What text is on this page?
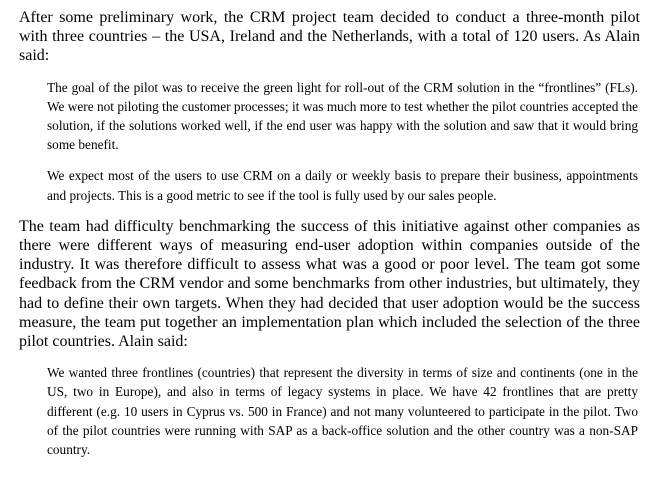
After some preliminary work, the CRM project team decided to conduct a three-month pilot with three countries – the USA, Ireland and the Netherlands, with a total of 120 users. As Alain said:

The goal of the pilot was to receive the green light for roll-out of the CRM solution in the “frontlines” (FLs). We were not piloting the customer processes; it was much more to test whether the pilot countries accepted the solution, if the solutions worked well, if the end user was happy with the solution and saw that it would bring some benefit.

We expect most of the users to use CRM on a daily or weekly basis to prepare their business, appointments and projects. This is a good metric to see if the tool is fully used by our sales people.

The team had difficulty benchmarking the success of this initiative against other companies as there were different ways of measuring end-user adoption within companies outside of the industry. It was therefore difficult to assess what was a good or poor level. The team got some feedback from the CRM vendor and some benchmarks from other industries, but ultimately, they had to define their own targets. When they had decided that user adoption would be the success measure, the team put together an implementation plan which included the selection of the three pilot countries. Alain said:

We wanted three frontlines (countries) that represent the diversity in terms of size and continents (one in the US, two in Europe), and also in terms of legacy systems in place. We have 42 frontlines that are pretty different (e.g. 10 users in Cyprus vs. 500 in France) and not many volunteered to participate in the pilot. Two of the pilot countries were running with SAP as a back-office solution and the other country was a non-SAP country.
